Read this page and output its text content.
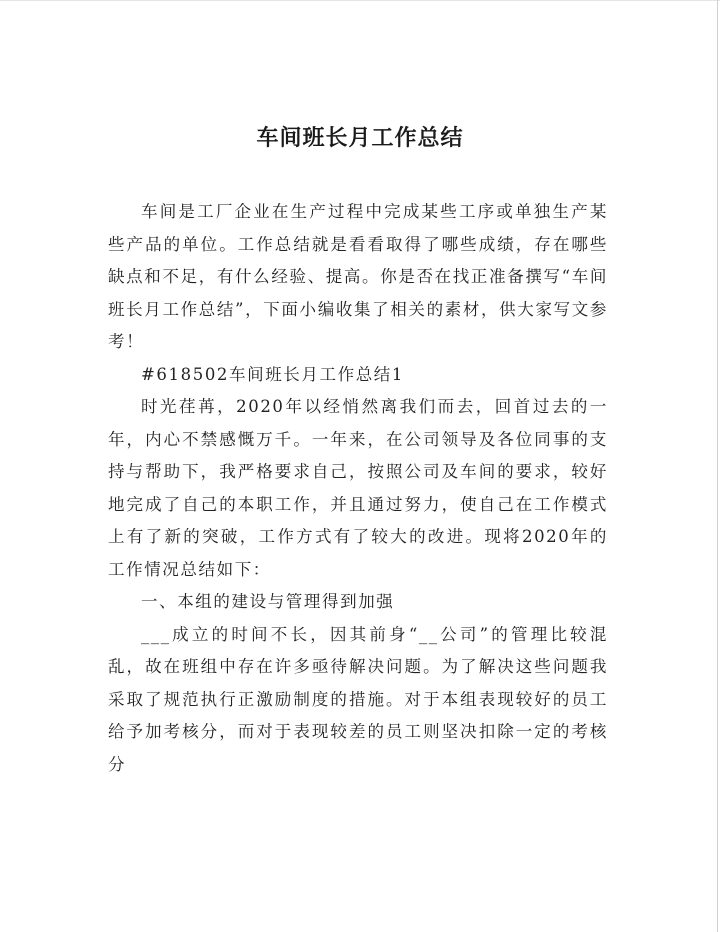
车间班长月工作总结

车间是工厂企业在生产过程中完成某些工序或单独生产某些产品的单位。工作总结就是看看取得了哪些成绩，存在哪些缺点和不足，有什么经验、提高。你是否在找正准备撰写“车间班长月工作总结”，下面小编收集了相关的素材，供大家写文参考！

#618502车间班长月工作总结1

时光荏苒，2020年以经悄然离我们而去，回首过去的一年，内心不禁感慨万千。一年来，在公司领导及各位同事的支持与帮助下，我严格要求自己，按照公司及车间的要求，较好地完成了自己的本职工作，并且通过努力，使自己在工作模式上有了新的突破，工作方式有了较大的改进。现将2020年的工作情况总结如下：

一、本组的建设与管理得到加强

___成立的时间不长，因其前身“__公司”的管理比较混乱，故在班组中存在许多亟待解决问题。为了解决这些问题我采取了规范执行正激励制度的措施。对于本组表现较好的员工给予加考核分，而对于表现较差的员工则坚决扣除一定的考核分
